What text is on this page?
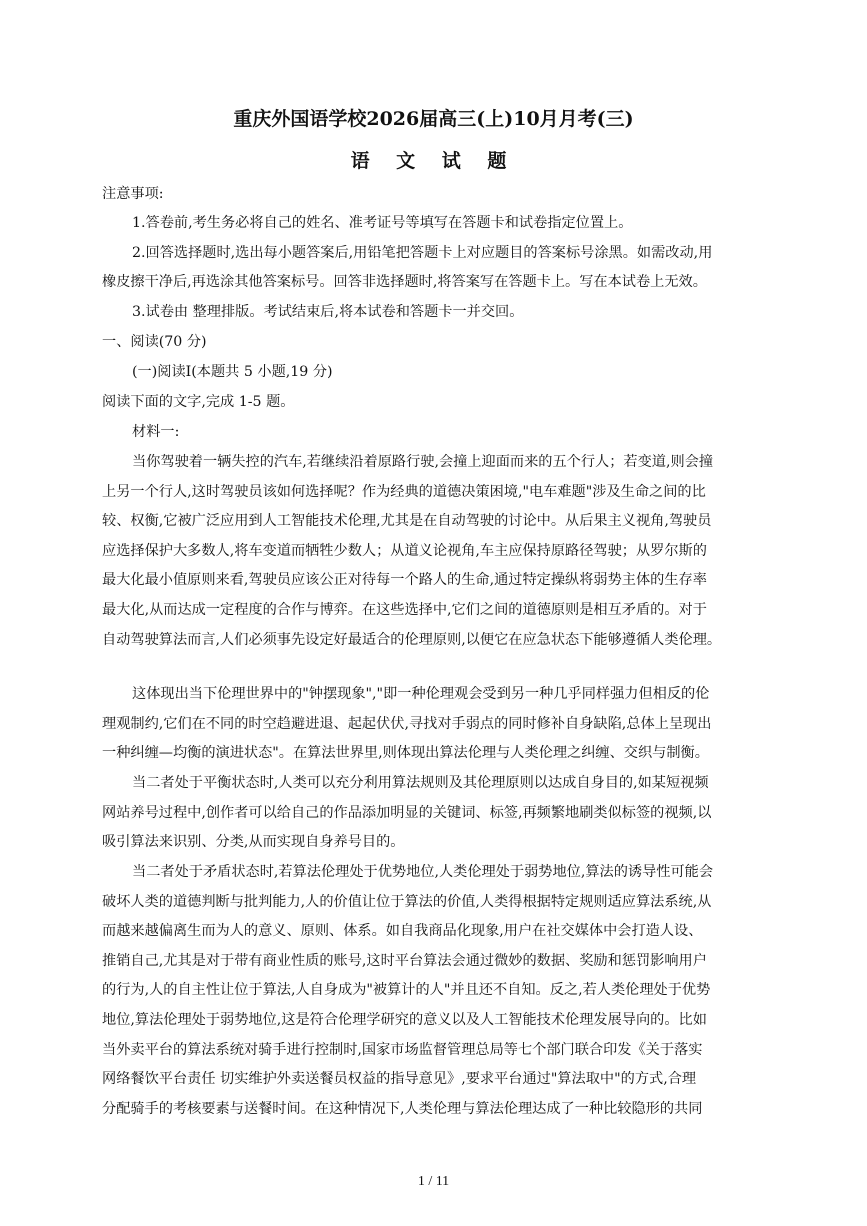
重庆外国语学校2026届高三(上)10月月考(三)
语 文 试 题
注意事项:
1.答卷前,考生务必将自己的姓名、准考证号等填写在答题卡和试卷指定位置上。
2.回答选择题时,选出每小题答案后,用铅笔把答题卡上对应题目的答案标号涂黑。如需改动,用
橡皮擦干净后,再选涂其他答案标号。回答非选择题时,将答案写在答题卡上。写在本试卷上无效。
3.试卷由 整理排版。考试结束后,将本试卷和答题卡一并交回。
一、阅读(70 分)
(一)阅读I(本题共 5 小题,19 分)
阅读下面的文字,完成 1-5 题。
材料一:
当你驾驶着一辆失控的汽车,若继续沿着原路行驶,会撞上迎面而来的五个行人；若变道,则会撞
上另一个行人,这时驾驶员该如何选择呢？作为经典的道德决策困境,"电车难题"涉及生命之间的比
较、权衡,它被广泛应用到人工智能技术伦理,尤其是在自动驾驶的讨论中。从后果主义视角,驾驶员
应选择保护大多数人,将车变道而牺牲少数人；从道义论视角,车主应保持原路径驾驶；从罗尔斯的
最大化最小值原则来看,驾驶员应该公正对待每一个路人的生命,通过特定操纵将弱势主体的生存率
最大化,从而达成一定程度的合作与博弈。在这些选择中,它们之间的道德原则是相互矛盾的。对于
自动驾驶算法而言,人们必须事先设定好最适合的伦理原则,以便它在应急状态下能够遵循人类伦理。
这体现出当下伦理世界中的"钟摆现象","即一种伦理观会受到另一种几乎同样强力但相反的伦
理观制约,它们在不同的时空趋避进退、起起伏伏,寻找对手弱点的同时修补自身缺陷,总体上呈现出
一种纠缠—均衡的演进状态"。在算法世界里,则体现出算法伦理与人类伦理之纠缠、交织与制衡。
当二者处于平衡状态时,人类可以充分利用算法规则及其伦理原则以达成自身目的,如某短视频
网站养号过程中,创作者可以给自己的作品添加明显的关键词、标签,再频繁地刷类似标签的视频,以
吸引算法来识别、分类,从而实现自身养号目的。
当二者处于矛盾状态时,若算法伦理处于优势地位,人类伦理处于弱势地位,算法的诱导性可能会
破坏人类的道德判断与批判能力,人的价值让位于算法的价值,人类得根据特定规则适应算法系统,从
而越来越偏离生而为人的意义、原则、体系。如自我商品化现象,用户在社交媒体中会打造人设、
推销自己,尤其是对于带有商业性质的账号,这时平台算法会通过微妙的数据、奖励和惩罚影响用户
的行为,人的自主性让位于算法,人自身成为"被算计的人"并且还不自知。反之,若人类伦理处于优势
地位,算法伦理处于弱势地位,这是符合伦理学研究的意义以及人工智能技术伦理发展导向的。比如
当外卖平台的算法系统对骑手进行控制时,国家市场监督管理总局等七个部门联合印发《关于落实
网络餐饮平台责任 切实维护外卖送餐员权益的指导意见》,要求平台通过"算法取中"的方式,合理
分配骑手的考核要素与送餐时间。在这种情况下,人类伦理与算法伦理达成了一种比较隐形的共同
1 / 11
